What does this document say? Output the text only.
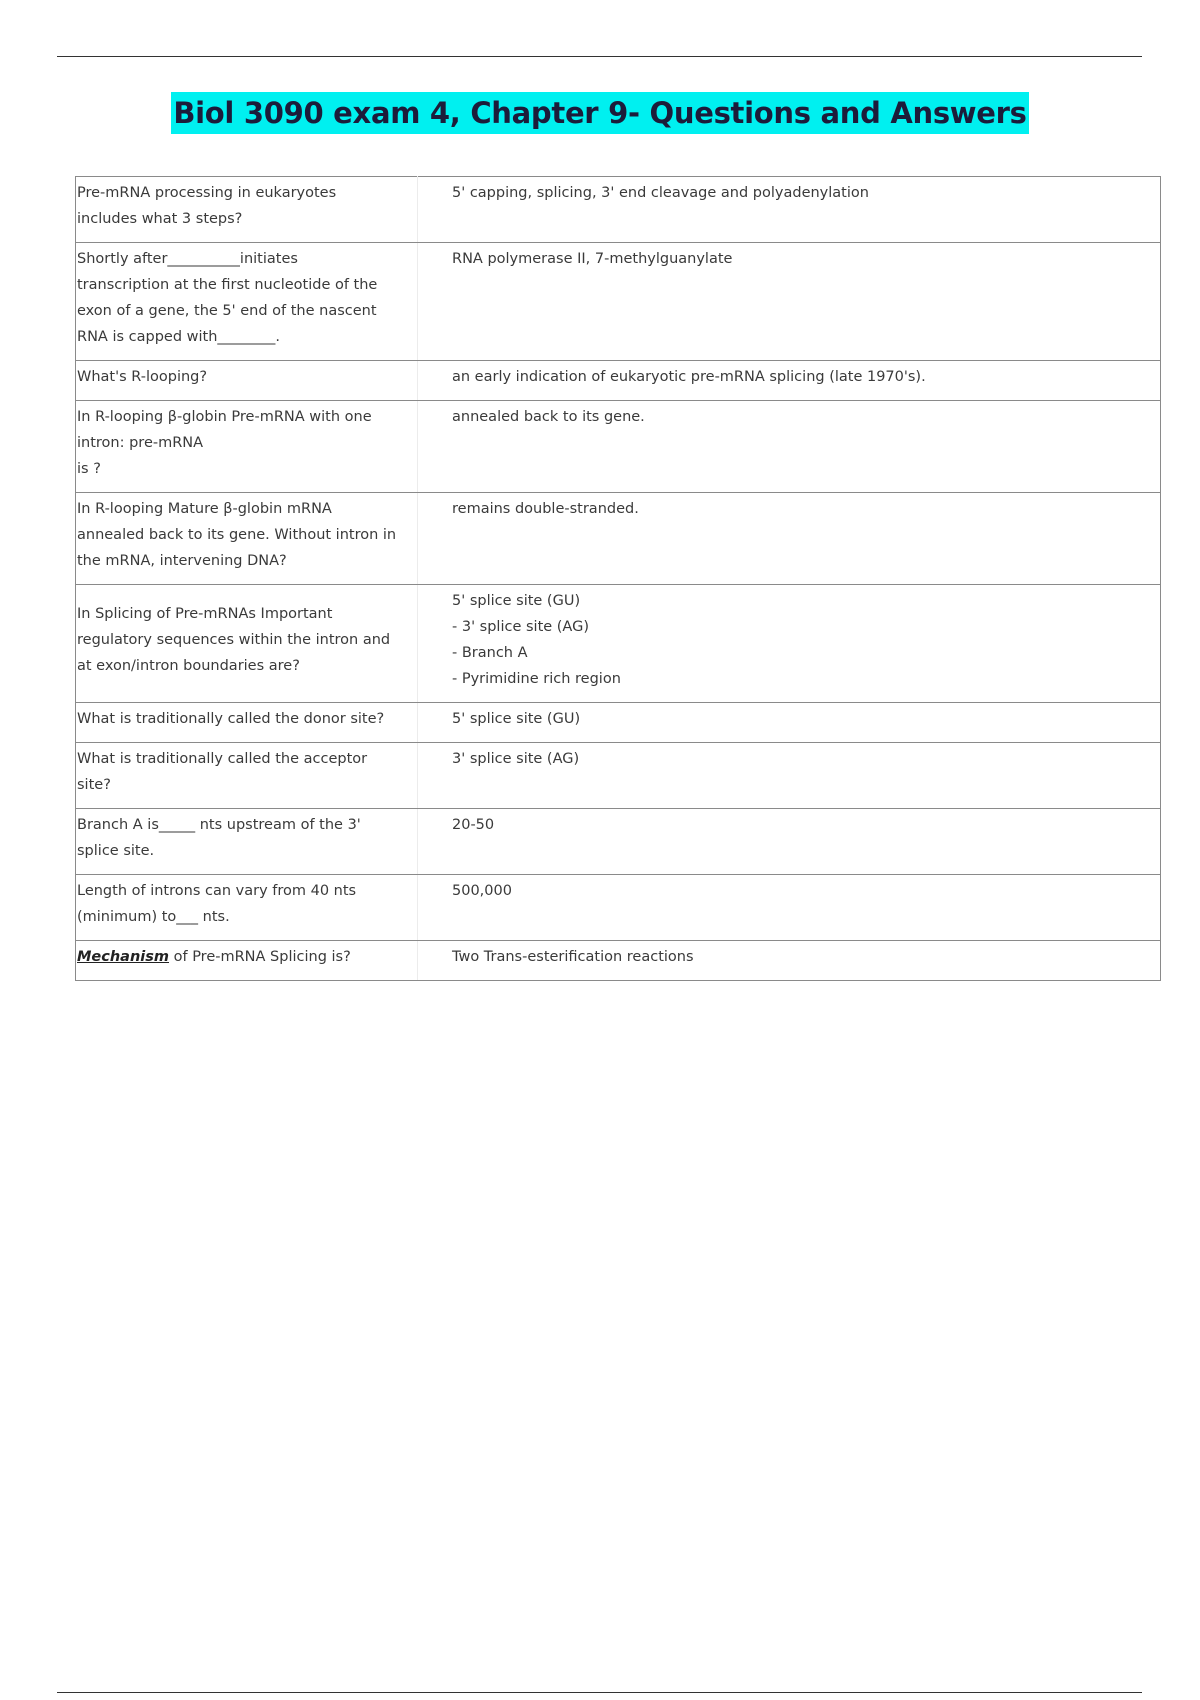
Biol 3090 exam 4, Chapter 9- Questions and Answers
Pre-mRNA processing in eukaryotes
includes what 3 steps?	5' capping, splicing, 3' end cleavage and polyadenylation

Shortly after__________initiates
transcription at the first nucleotide of the
exon of a gene, the 5' end of the nascent
RNA is capped with________.	RNA polymerase II, 7-methylguanylate

What's R-looping?	an early indication of eukaryotic pre-mRNA splicing (late 1970's).

In R-looping β-globin Pre-mRNA with one
intron: pre-mRNA
is ?	annealed back to its gene.

In R-looping Mature β-globin mRNA
annealed back to its gene. Without intron in
the mRNA, intervening DNA?	remains double-stranded.

In Splicing of Pre-mRNAs Important
regulatory sequences within the intron and
at exon/intron boundaries are?	5' splice site (GU)
- 3' splice site (AG)
- Branch A
- Pyrimidine rich region

What is traditionally called the donor site?	5' splice site (GU)

What is traditionally called the acceptor
site?	3' splice site (AG)

Branch A is_____ nts upstream of the 3'
splice site.	20-50

Length of introns can vary from 40 nts
(minimum) to___ nts.	500,000

Mechanism of Pre-mRNA Splicing is?	Two Trans-esterification reactions
